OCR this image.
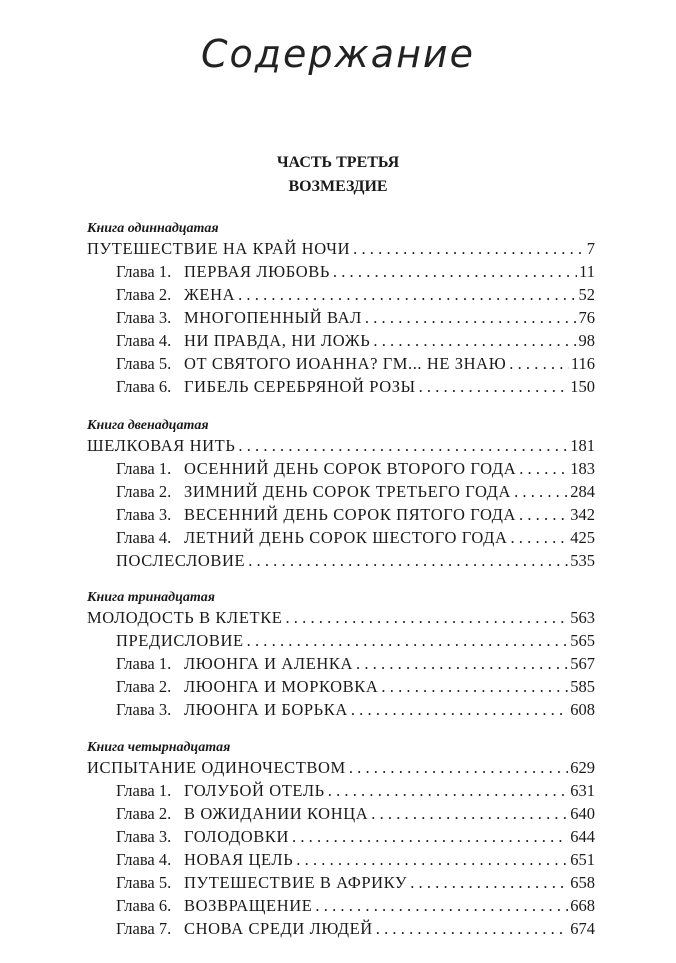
Содержание
ЧАСТЬ ТРЕТЬЯ
ВОЗМЕЗДИЕ
Книга одиннадцатая
ПУТЕШЕСТВИЕ НА КРАЙ НОЧИ .....	7
Глава 1. ПЕРВАЯ ЛЮБОВЬ .....	11
Глава 2. ЖЕНА .....	52
Глава 3. МНОГОПЕННЫЙ ВАЛ .....	76
Глава 4. НИ ПРАВДА, НИ ЛОЖЬ .....	98
Глава 5. ОТ СВЯТОГО ИОАННА? ГМ... НЕ ЗНАЮ .....	116
Глава 6. ГИБЕЛЬ СЕРЕБРЯНОЙ РОЗЫ .....	150
Книга двенадцатая
ШЕЛКОВАЯ НИТЬ .....	181
Глава 1. ОСЕННИЙ ДЕНЬ СОРОК ВТОРОГО ГОДА .....	183
Глава 2. ЗИМНИЙ ДЕНЬ СОРОК ТРЕТЬЕГО ГОДА .....	284
Глава 3. ВЕСЕННИЙ ДЕНЬ СОРОК ПЯТОГО ГОДА .....	342
Глава 4. ЛЕТНИЙ ДЕНЬ СОРОК ШЕСТОГО ГОДА .....	425
ПОСЛЕСЛОВИЕ .....	535
Книга тринадцатая
МОЛОДОСТЬ В КЛЕТКЕ .....	563
ПРЕДИСЛОВИЕ .....	565
Глава 1. ЛЮОНГА И АЛЕНКА .....	567
Глава 2. ЛЮОНГА И МОРКОВКА .....	585
Глава 3. ЛЮОНГА И БОРЬКА .....	608
Книга четырнадцатая
ИСПЫТАНИЕ ОДИНОЧЕСТВОМ .....	629
Глава 1. ГОЛУБОЙ ОТЕЛЬ .....	631
Глава 2. В ОЖИДАНИИ КОНЦА .....	640
Глава 3. ГОЛОДОВКИ .....	644
Глава 4. НОВАЯ ЦЕЛЬ .....	651
Глава 5. ПУТЕШЕСТВИЕ В АФРИКУ .....	658
Глава 6. ВОЗВРАЩЕНИЕ .....	668
Глава 7. СНОВА СРЕДИ ЛЮДЕЙ .....	674
